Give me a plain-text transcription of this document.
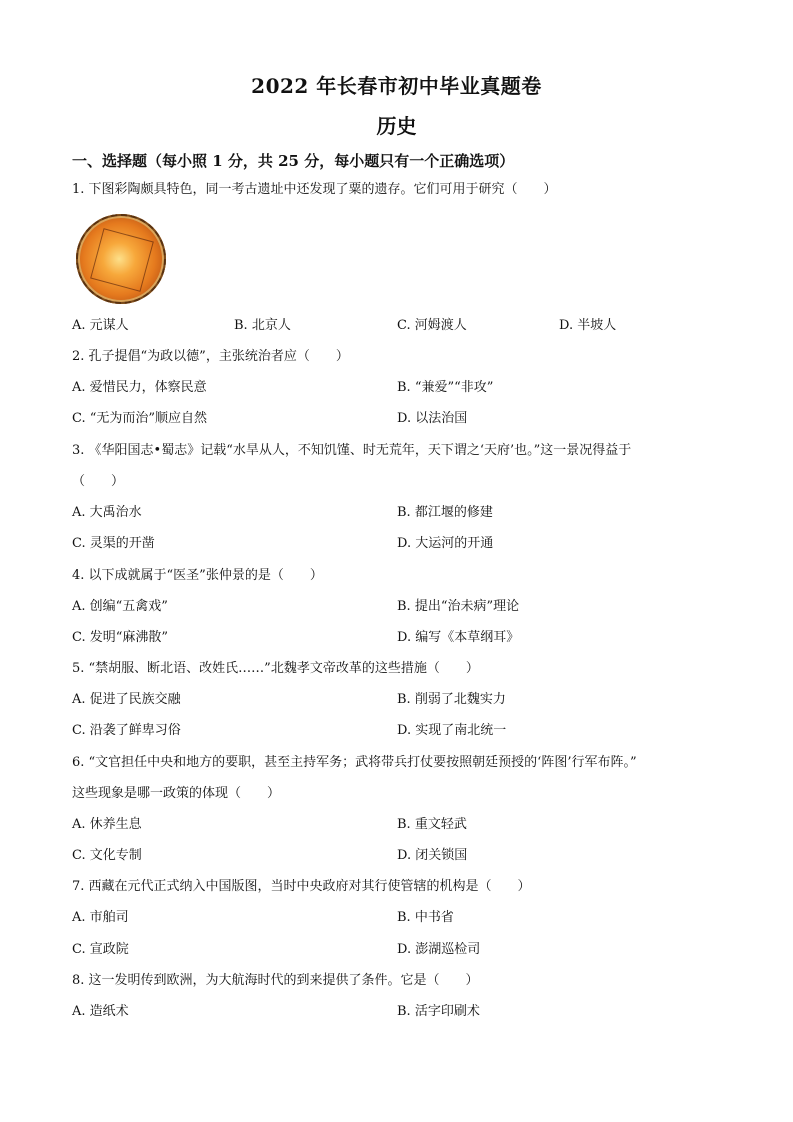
2022 年长春市初中毕业真题卷
历史
一、选择题（每小照 1 分，共 25 分，每小题只有一个正确选项）
1. 下图彩陶颇具特色，同一考古遗址中还发现了粟的遗存。它们可用于研究（　　）
A. 元谋人	B. 北京人	C. 河姆渡人	D. 半坡人
2. 孔子提倡“为政以德”，主张统治者应（　　）
A. 爱惜民力，体察民意	B. “兼爱”“非攻”
C. “无为而治”顺应自然	D. 以法治国
3. 《华阳国志•蜀志》记载“水旱从人，不知饥馑、时无荒年，天下谓之‘天府’也。”这一景况得益于
（　　）
A. 大禹治水	B. 都江堰的修建
C. 灵渠的开凿	D. 大运河的开通
4. 以下成就属于“医圣”张仲景的是（　　）
A. 创编“五禽戏”	B. 提出“治未病”理论
C. 发明“麻沸散”	D. 编写《本草纲耳》
5. “禁胡服、断北语、改姓氏……”北魏孝文帝改革的这些措施（　　）
A. 促进了民族交融	B. 削弱了北魏实力
C. 沿袭了鲜卑习俗	D. 实现了南北统一
6. “文官担任中央和地方的要职，甚至主持军务；武将带兵打仗要按照朝廷预授的‘阵图’行军布阵。”
这些现象是哪一政策的体现（　　）
A. 休养生息	B. 重文轻武
C. 文化专制	D. 闭关锁国
7. 西藏在元代正式纳入中国版图，当时中央政府对其行使管辖的机构是（　　）
A. 市舶司	B. 中书省
C. 宣政院	D. 澎湖巡检司
8. 这一发明传到欧洲，为大航海时代的到来提供了条件。它是（　　）
A. 造纸术	B. 活字印刷术
